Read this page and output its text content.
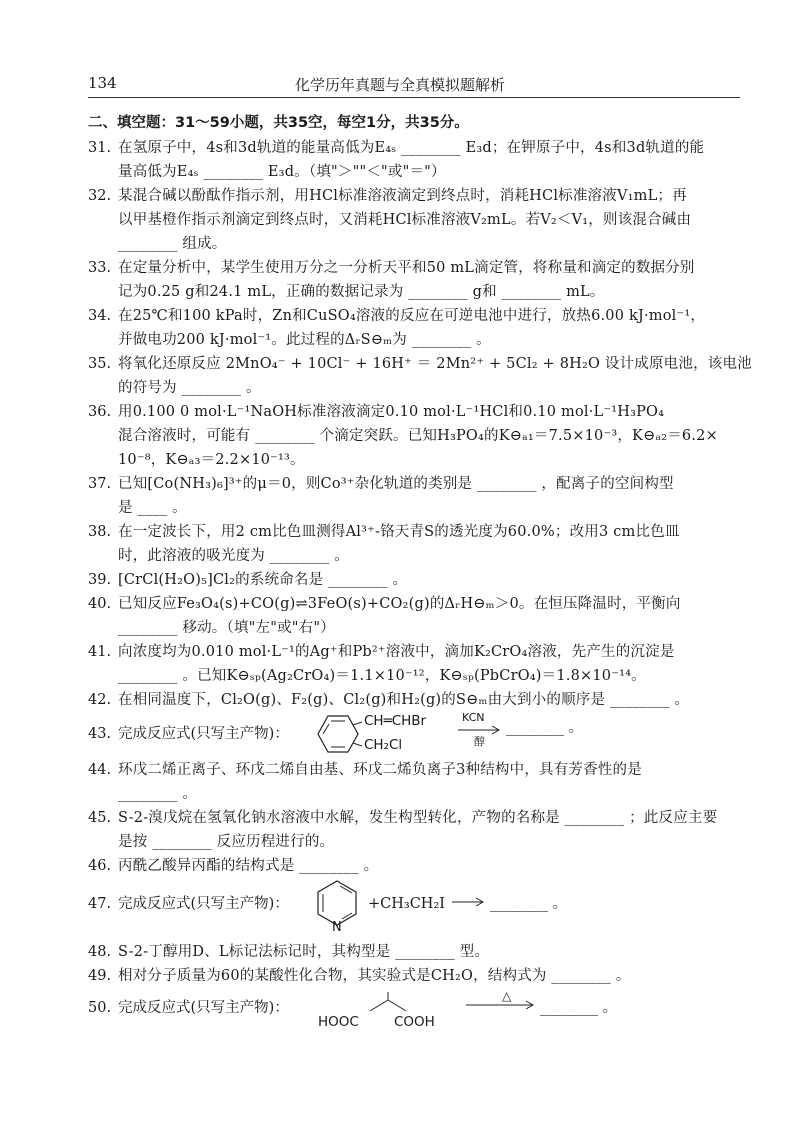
134	化学历年真题与全真模拟题解析
二、填空题：31～59小题，共35空，每空1分，共35分。
31. 在氢原子中，4s和3d轨道的能量高低为E₄ₛ ________ E₃d；在钾原子中，4s和3d轨道的能
量高低为E₄ₛ ________ E₃d。（填"＞""＜"或"＝"）
32. 某混合碱以酚酞作指示剂，用HCl标准溶液滴定到终点时，消耗HCl标准溶液V₁mL；再
以甲基橙作指示剂滴定到终点时，又消耗HCl标准溶液V₂mL。若V₂＜V₁，则该混合碱由
________ 组成。
33. 在定量分析中，某学生使用万分之一分析天平和50 mL滴定管，将称量和滴定的数据分别
记为0.25 g和24.1 mL，正确的数据记录为 ________ g和 ________ mL。
34. 在25℃和100 kPa时，Zn和CuSO₄溶液的反应在可逆电池中进行，放热6.00 kJ·mol⁻¹，
并做电功200 kJ·mol⁻¹。此过程的ΔᵣS⊖ₘ为 ________ 。
35. 将氧化还原反应 2MnO₄⁻ + 10Cl⁻ + 16H⁺ ＝ 2Mn²⁺ + 5Cl₂ + 8H₂O 设计成原电池，该电池
的符号为 ________ 。
36. 用0.100 0 mol·L⁻¹NaOH标准溶液滴定0.10 mol·L⁻¹HCl和0.10 mol·L⁻¹H₃PO₄
混合溶液时，可能有 ________ 个滴定突跃。已知H₃PO₄的K⊖ₐ₁＝7.5×10⁻³，K⊖ₐ₂＝6.2×
10⁻⁸，K⊖ₐ₃＝2.2×10⁻¹³。
37. 已知[Co(NH₃)₆]³⁺的μ＝0，则Co³⁺杂化轨道的类别是 ________ ，配离子的空间构型
是 ____ 。
38. 在一定波长下，用2 cm比色皿测得Al³⁺-铬天青S的透光度为60.0%；改用3 cm比色皿
时，此溶液的吸光度为 ________ 。
39. [CrCl(H₂O)₅]Cl₂的系统命名是 ________ 。
40. 已知反应Fe₃O₄(s)+CO(g)⇌3FeO(s)+CO₂(g)的ΔᵣH⊖ₘ＞0。在恒压降温时，平衡向
________ 移动。（填"左"或"右"）
41. 向浓度均为0.010 mol·L⁻¹的Ag⁺和Pb²⁺溶液中，滴加K₂CrO₄溶液，先产生的沉淀是
________ 。已知K⊖ₛₚ(Ag₂CrO₄)＝1.1×10⁻¹²，K⊖ₛₚ(PbCrO₄)＝1.8×10⁻¹⁴。
42. 在相同温度下，Cl₂O(g)、F₂(g)、Cl₂(g)和H₂(g)的S⊖ₘ由大到小的顺序是 ________ 。
43. 完成反应式(只写主产物)：
CH═CHBr
CH₂Cl
KCN
醇
________ 。
44. 环戊二烯正离子、环戊二烯自由基、环戊二烯负离子3种结构中，具有芳香性的是
________ 。
45. S-2-溴戊烷在氢氧化钠水溶液中水解，发生构型转化，产物的名称是 ________ ；此反应主要
是按 ________ 反应历程进行的。
46. 丙酰乙酸异丙酯的结构式是 ________ 。
47. 完成反应式(只写主产物)：
N
+CH₃CH₂I → ________ 。
48. S-2-丁醇用D、L标记法标记时，其构型是 ________ 型。
49. 相对分子质量为60的某酸性化合物，其实验式是CH₂O，结构式为 ________ 。
50. 完成反应式(只写主产物)：
HOOC	COOH
△
________ 。
